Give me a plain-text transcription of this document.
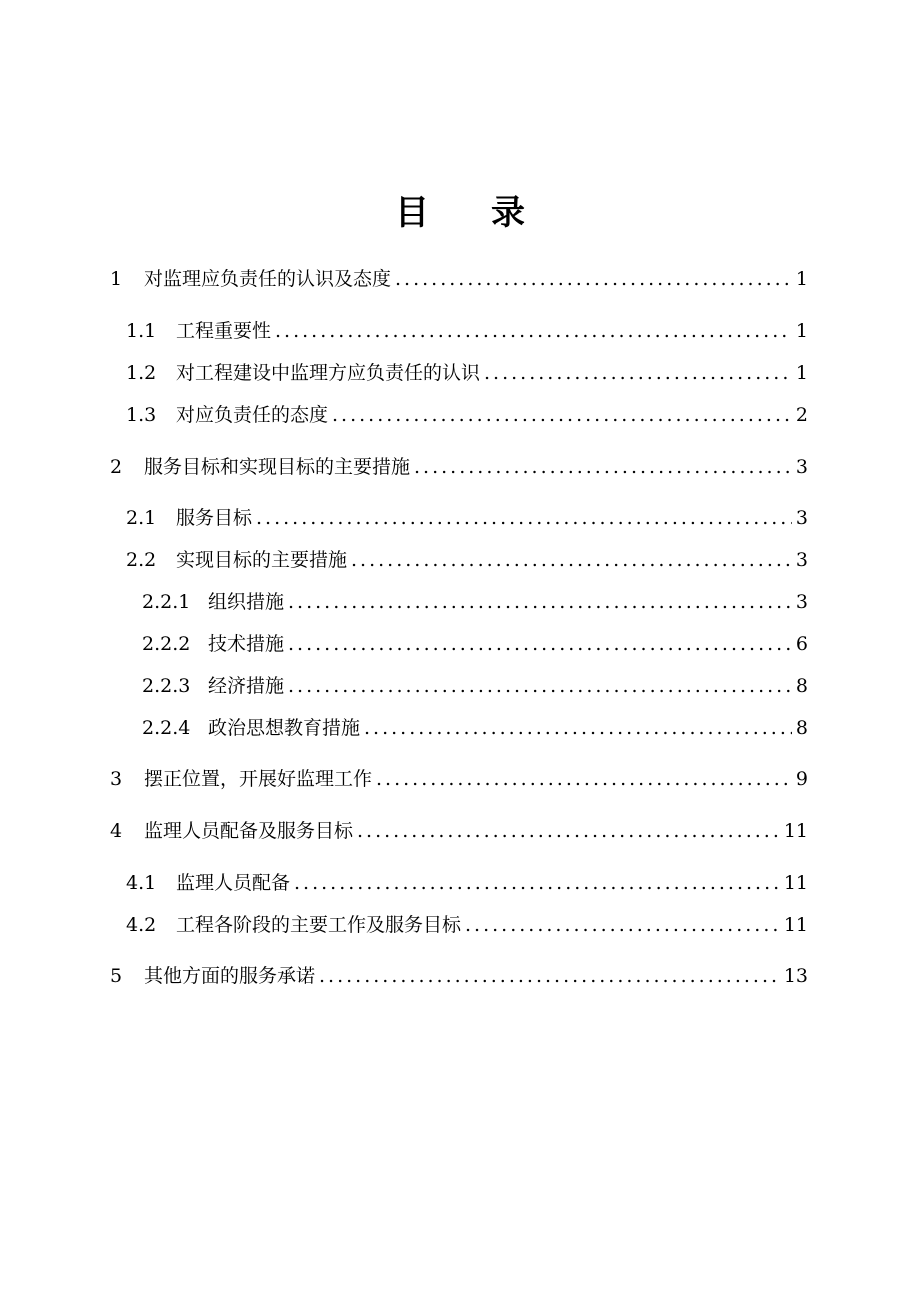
目 录
1	对监理应负责任的认识及态度 .....	1
1.1	工程重要性 .....	1
1.2	对工程建设中监理方应负责任的认识 .....	1
1.3	对应负责任的态度 .....	2
2	服务目标和实现目标的主要措施 .....	3
2.1	服务目标 .....	3
2.2	实现目标的主要措施 .....	3
2.2.1 组织措施 .....	3
2.2.2 技术措施 .....	6
2.2.3 经济措施 .....	8
2.2.4 政治思想教育措施 .....	8
3	摆正位置，开展好监理工作 .....	9
4	监理人员配备及服务目标 .....	11
4.1	监理人员配备 .....	11
4.2	工程各阶段的主要工作及服务目标 .....	11
5	其他方面的服务承诺 .....	13
